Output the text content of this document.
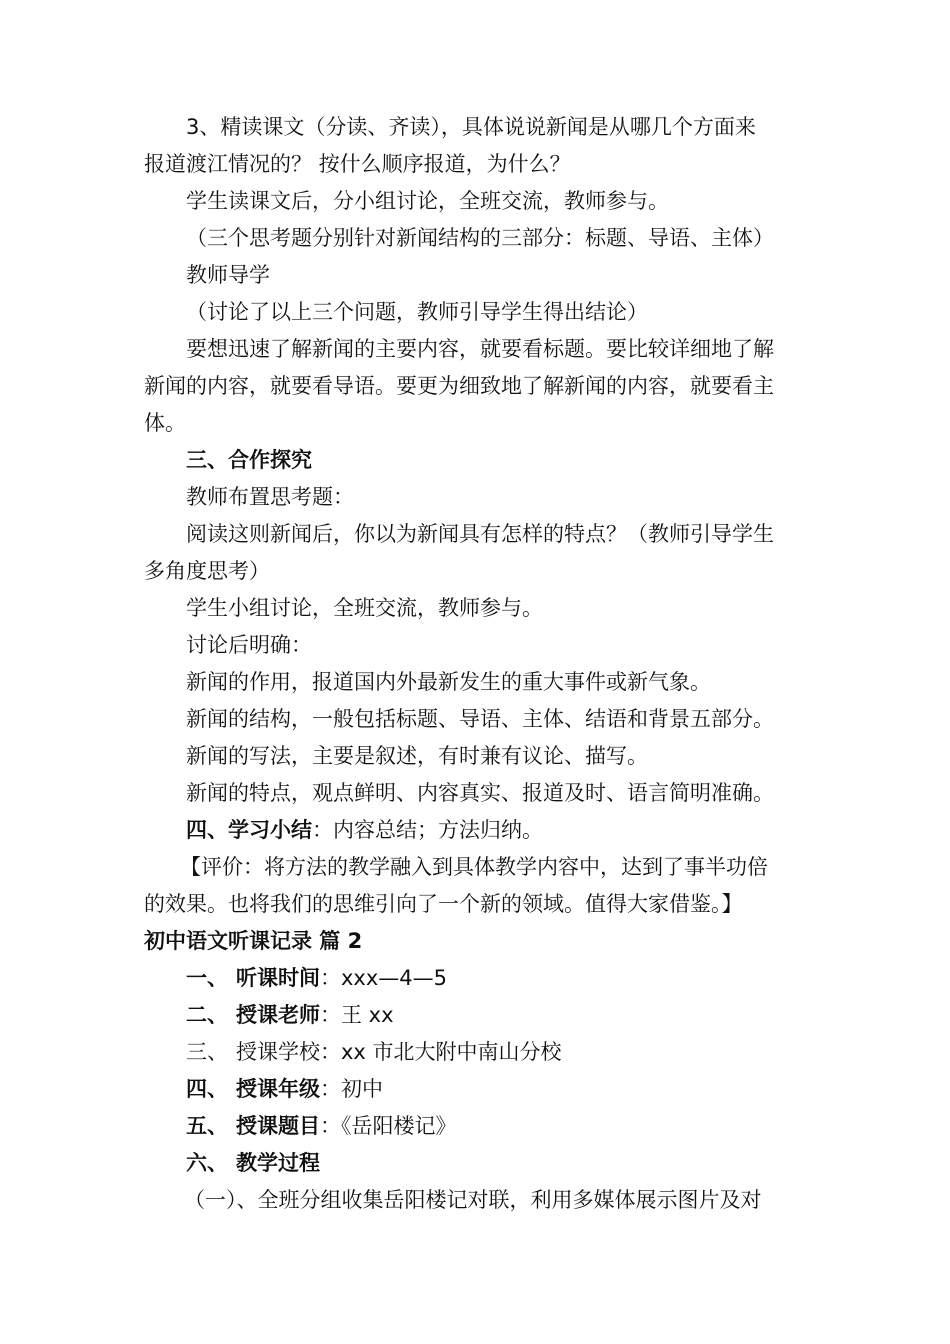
3、精读课文（分读、齐读），具体说说新闻是从哪几个方面来
报道渡江情况的？ 按什么顺序报道，为什么？
学生读课文后，分小组讨论，全班交流，教师参与。
（三个思考题分别针对新闻结构的三部分：标题、导语、主体）
教师导学
（讨论了以上三个问题，教师引导学生得出结论）
要想迅速了解新闻的主要内容，就要看标题。要比较详细地了解
新闻的内容，就要看导语。要更为细致地了解新闻的内容，就要看主
体。
三、合作探究
教师布置思考题：
阅读这则新闻后，你以为新闻具有怎样的特点？（教师引导学生
多角度思考）
学生小组讨论，全班交流，教师参与。
讨论后明确：
新闻的作用，报道国内外最新发生的重大事件或新气象。
新闻的结构，一般包括标题、导语、主体、结语和背景五部分。
新闻的写法，主要是叙述，有时兼有议论、描写。
新闻的特点，观点鲜明、内容真实、报道及时、语言简明准确。
四、学习小结：内容总结；方法归纳。
【评价：将方法的教学融入到具体教学内容中，达到了事半功倍
的效果。也将我们的思维引向了一个新的领域。值得大家借鉴。】
初中语文听课记录 篇 2
一、 听课时间：xxx—4—5
二、 授课老师：王 xx
三、 授课学校：xx 市北大附中南山分校
四、 授课年级：初中
五、 授课题目：《岳阳楼记》
六、 教学过程
（一）、全班分组收集岳阳楼记对联，利用多媒体展示图片及对
